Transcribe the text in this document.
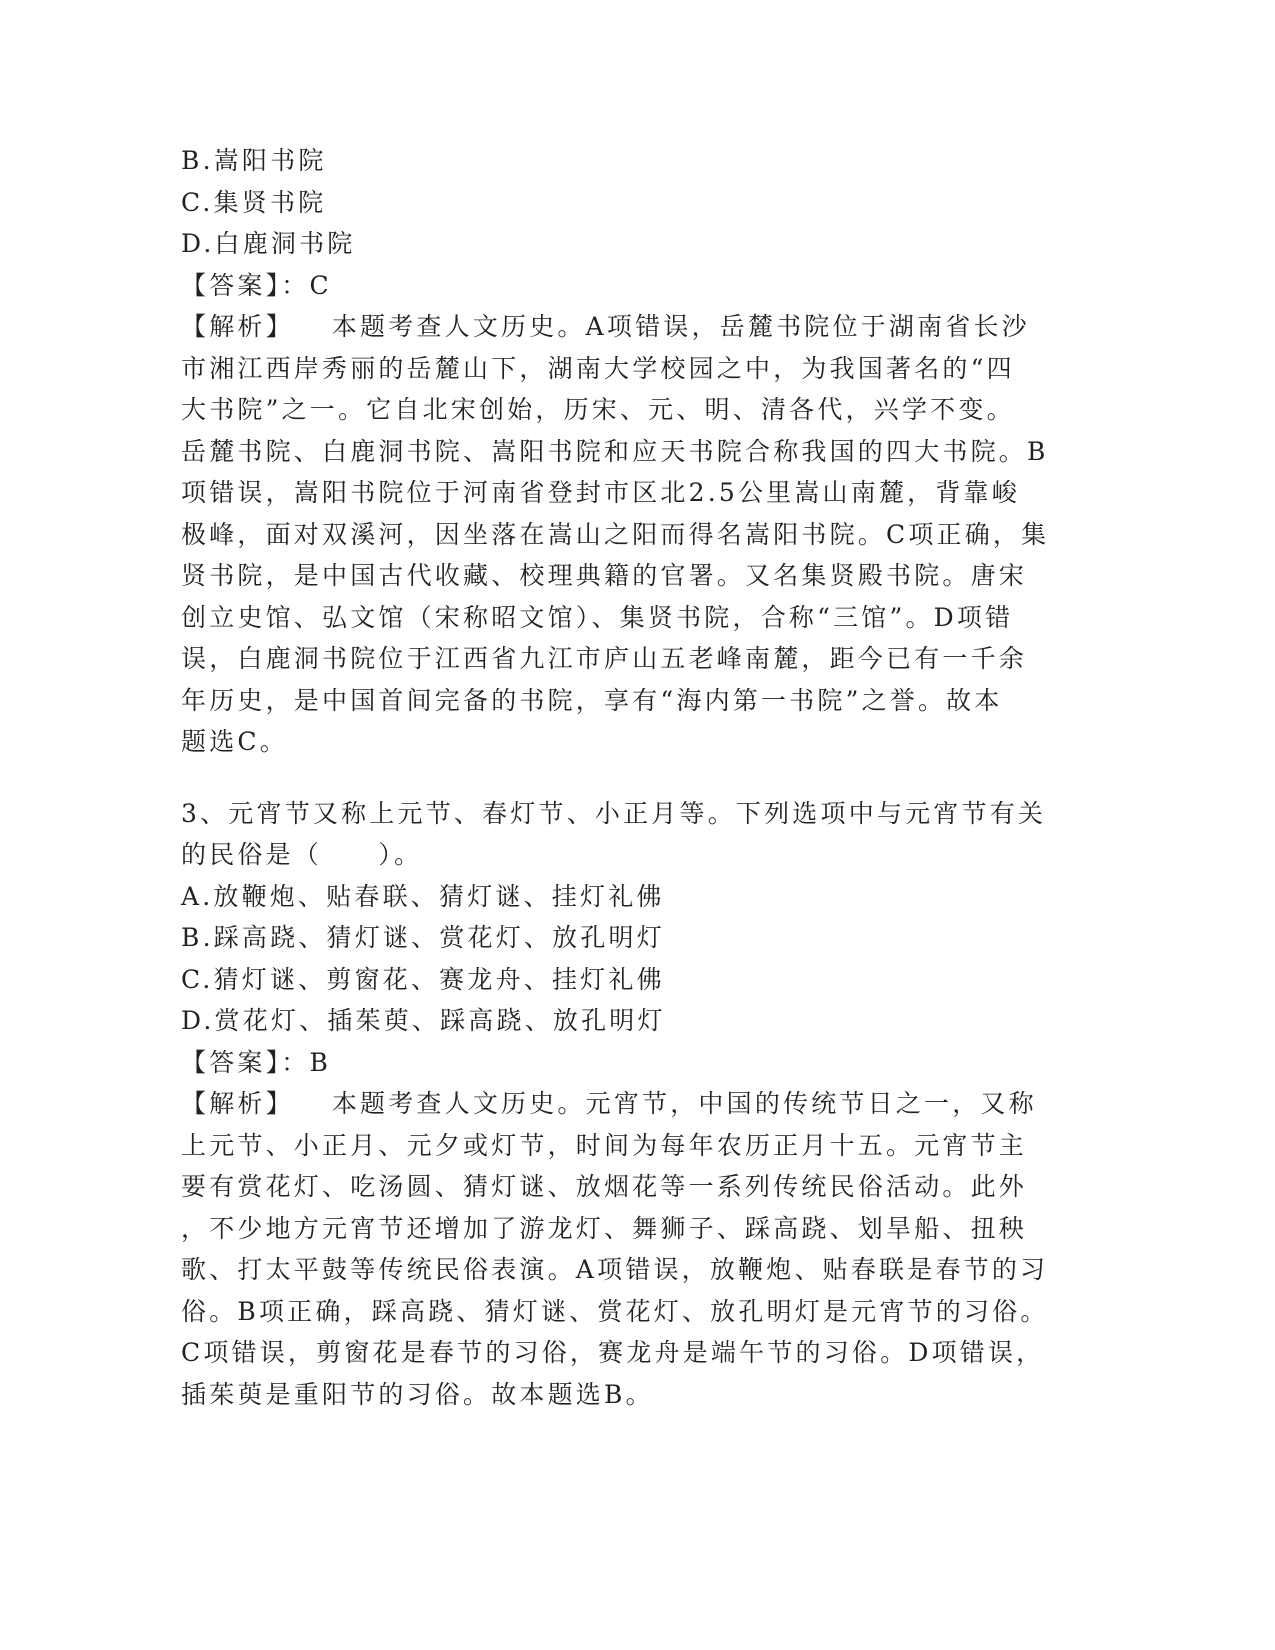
B.嵩阳书院
C.集贤书院
D.白鹿洞书院
【答案】：C
【解析】 本题考查人文历史。A项错误，岳麓书院位于湖南省长沙
市湘江西岸秀丽的岳麓山下，湖南大学校园之中，为我国著名的“四
大书院”之一。它自北宋创始，历宋、元、明、清各代，兴学不变。
岳麓书院、白鹿洞书院、嵩阳书院和应天书院合称我国的四大书院。B
项错误，嵩阳书院位于河南省登封市区北2.5公里嵩山南麓，背靠峻
极峰，面对双溪河，因坐落在嵩山之阳而得名嵩阳书院。C项正确，集
贤书院，是中国古代收藏、校理典籍的官署。又名集贤殿书院。唐宋
创立史馆、弘文馆（宋称昭文馆）、集贤书院，合称“三馆”。D项错
误，白鹿洞书院位于江西省九江市庐山五老峰南麓，距今已有一千余
年历史，是中国首间完备的书院，享有“海内第一书院”之誉。故本
题选C。
3、元宵节又称上元节、春灯节、小正月等。下列选项中与元宵节有关
的民俗是（　　）。
A.放鞭炮、贴春联、猜灯谜、挂灯礼佛
B.踩高跷、猜灯谜、赏花灯、放孔明灯
C.猜灯谜、剪窗花、赛龙舟、挂灯礼佛
D.赏花灯、插茱萸、踩高跷、放孔明灯
【答案】：B
【解析】 本题考查人文历史。元宵节，中国的传统节日之一，又称
上元节、小正月、元夕或灯节，时间为每年农历正月十五。元宵节主
要有赏花灯、吃汤圆、猜灯谜、放烟花等一系列传统民俗活动。此外
，不少地方元宵节还增加了游龙灯、舞狮子、踩高跷、划旱船、扭秧
歌、打太平鼓等传统民俗表演。A项错误，放鞭炮、贴春联是春节的习
俗。B项正确，踩高跷、猜灯谜、赏花灯、放孔明灯是元宵节的习俗。
C项错误，剪窗花是春节的习俗，赛龙舟是端午节的习俗。D项错误，
插茱萸是重阳节的习俗。故本题选B。
